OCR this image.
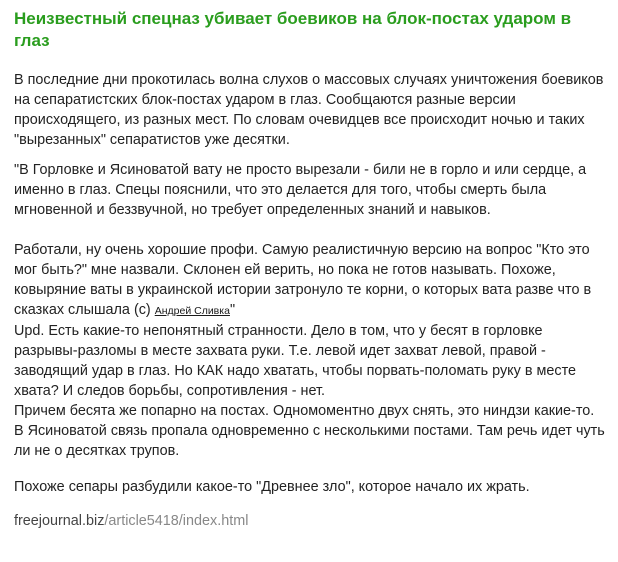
Неизвестный спецназ убивает боевиков на блок-постах ударом в глаз
В последние дни прокотилась волна слухов о массовых случаях уничтожения боевиков на сепаратистских блок-постах ударом в глаз. Сообщаются разные версии происходящего, из разных мест. По словам очевидцев все происходит ночью и таких "вырезанных" сепаратистов уже десятки.
"В Горловке и Ясиноватой вату не просто вырезали - били не в горло и или сердце, а именно в глаз. Спецы пояснили, что это делается для того, чтобы смерть была мгновенной и беззвучной, но требует определенных знаний и навыков.
Работали, ну очень хорошие профи. Самую реалистичную версию на вопрос "Кто это мог быть?" мне назвали. Склонен ей верить, но пока не готов называть. Похоже, ковыряние ваты в украинской истории затронуло те корни, о которых вата разве что в сказках слышала (c) Андрей Сливка"
Upd. Есть какие-то непонятный странности. Дело в том, что у бесят в горловке разрывы-разломы в месте захвата руки. Т.е. левой идет захват левой, правой - заводящий удар в глаз. Но КАК надо хватать, чтобы порвать-поломать руку в месте хвата? И следов борьбы, сопротивления - нет.
Причем бесята же попарно на постах. Одномоментно двух снять, это ниндзи какие-то.
В Ясиноватой связь пропала одновременно с несколькими постами. Там речь идет чуть ли не о десятках трупов.
Похоже сепары разбудили какое-то "Древнее зло", которое начало их жрать.
freejournal.biz/article5418/index.html
